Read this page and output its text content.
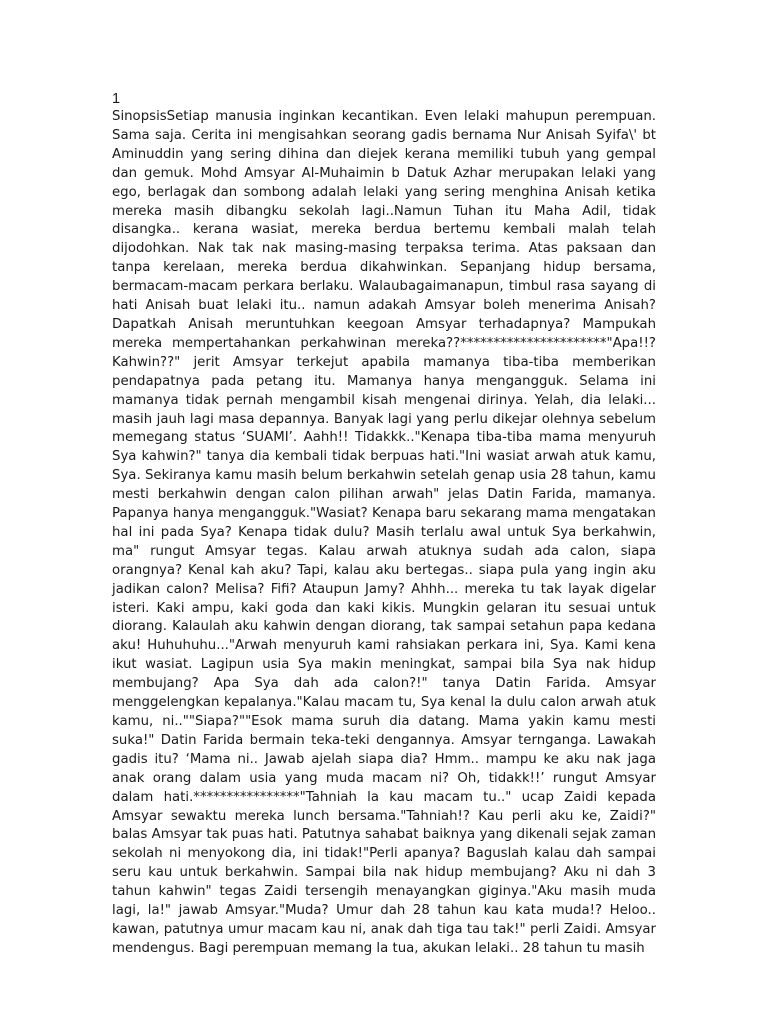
1

SinopsisSetiap manusia inginkan kecantikan. Even lelaki mahupun perempuan. Sama saja. Cerita ini mengisahkan seorang gadis bernama Nur Anisah Syifa\' bt Aminuddin yang sering dihina dan diejek kerana memiliki tubuh yang gempal dan gemuk. Mohd Amsyar Al-Muhaimin b Datuk Azhar merupakan lelaki yang ego, berlagak dan sombong adalah lelaki yang sering menghina Anisah ketika mereka masih dibangku sekolah lagi..Namun Tuhan itu Maha Adil, tidak disangka.. kerana wasiat, mereka berdua bertemu kembali malah telah dijodohkan. Nak tak nak masing-masing terpaksa terima. Atas paksaan dan tanpa kerelaan, mereka berdua dikahwinkan. Sepanjang hidup bersama, bermacam-macam perkara berlaku. Walaubagaimanapun, timbul rasa sayang di hati Anisah buat lelaki itu.. namun adakah Amsyar boleh menerima Anisah? Dapatkah Anisah meruntuhkan keegoan Amsyar terhadapnya? Mampukah mereka mempertahankan perkahwinan mereka??**********************"Apa!!? Kahwin??" jerit Amsyar terkejut apabila mamanya tiba-tiba memberikan pendapatnya pada petang itu. Mamanya hanya mengangguk. Selama ini mamanya tidak pernah mengambil kisah mengenai dirinya. Yelah, dia lelaki... masih jauh lagi masa depannya. Banyak lagi yang perlu dikejar olehnya sebelum memegang status ‘SUAMI’. Aahh!! Tidakkk.."Kenapa tiba-tiba mama menyuruh Sya kahwin?" tanya dia kembali tidak berpuas hati."Ini wasiat arwah atuk kamu, Sya. Sekiranya kamu masih belum berkahwin setelah genap usia 28 tahun, kamu mesti berkahwin dengan calon pilihan arwah" jelas Datin Farida, mamanya. Papanya hanya mengangguk."Wasiat? Kenapa baru sekarang mama mengatakan hal ini pada Sya? Kenapa tidak dulu? Masih terlalu awal untuk Sya berkahwin, ma" rungut Amsyar tegas. Kalau arwah atuknya sudah ada calon, siapa orangnya? Kenal kah aku? Tapi, kalau aku bertegas.. siapa pula yang ingin aku jadikan calon? Melisa? Fifi? Ataupun Jamy? Ahhh... mereka tu tak layak digelar isteri. Kaki ampu, kaki goda dan kaki kikis. Mungkin gelaran itu sesuai untuk diorang. Kalaulah aku kahwin dengan diorang, tak sampai setahun papa kedana aku! Huhuhuhu..."Arwah menyuruh kami rahsiakan perkara ini, Sya. Kami kena ikut wasiat. Lagipun usia Sya makin meningkat, sampai bila Sya nak hidup membujang? Apa Sya dah ada calon?!" tanya Datin Farida. Amsyar menggelengkan kepalanya."Kalau macam tu, Sya kenal la dulu calon arwah atuk kamu, ni..""Siapa?""Esok mama suruh dia datang. Mama yakin kamu mesti suka!" Datin Farida bermain teka-teki dengannya. Amsyar ternganga. Lawakah gadis itu? ‘Mama ni.. Jawab ajelah siapa dia? Hmm.. mampu ke aku nak jaga anak orang dalam usia yang muda macam ni? Oh, tidakk!!’ rungut Amsyar dalam hati.****************"Tahniah la kau macam tu.." ucap Zaidi kepada Amsyar sewaktu mereka lunch bersama."Tahniah!? Kau perli aku ke, Zaidi?" balas Amsyar tak puas hati. Patutnya sahabat baiknya yang dikenali sejak zaman sekolah ni menyokong dia, ini tidak!"Perli apanya? Baguslah kalau dah sampai seru kau untuk berkahwin. Sampai bila nak hidup membujang? Aku ni dah 3 tahun kahwin" tegas Zaidi tersengih menayangkan giginya."Aku masih muda lagi, la!" jawab Amsyar."Muda? Umur dah 28 tahun kau kata muda!? Heloo.. kawan, patutnya umur macam kau ni, anak dah tiga tau tak!" perli Zaidi. Amsyar mendengus. Bagi perempuan memang la tua, akukan lelaki.. 28 tahun tu masih
